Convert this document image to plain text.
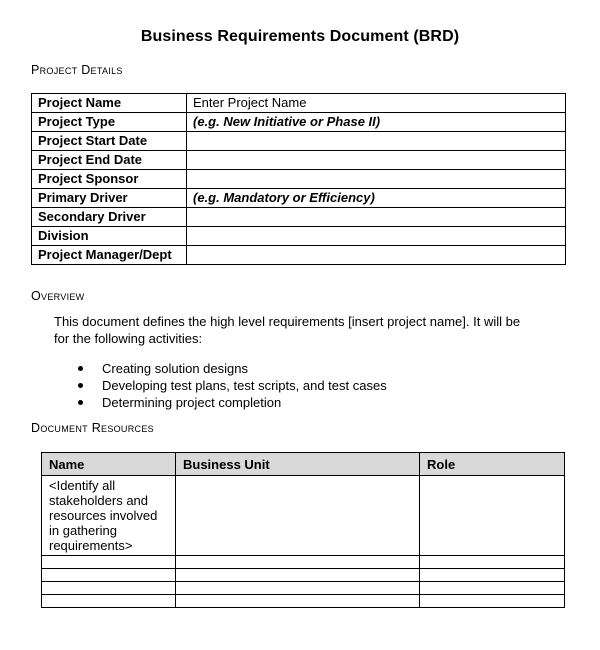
Business Requirements Document (BRD)
Project Details
Project Name	Enter Project Name
Project Type	(e.g. New Initiative or Phase II)
Project Start Date	
Project End Date	
Project Sponsor	
Primary Driver	(e.g. Mandatory or Efficiency)
Secondary Driver	
Division	
Project Manager/Dept	
Overview
This document defines the high level requirements [insert project name]. It will be
for the following activities:
Creating solution designs
Developing test plans, test scripts, and test cases
Determining project completion
Document Resources
Name	Business Unit	Role
<Identify all stakeholders and resources involved in gathering requirements>		
